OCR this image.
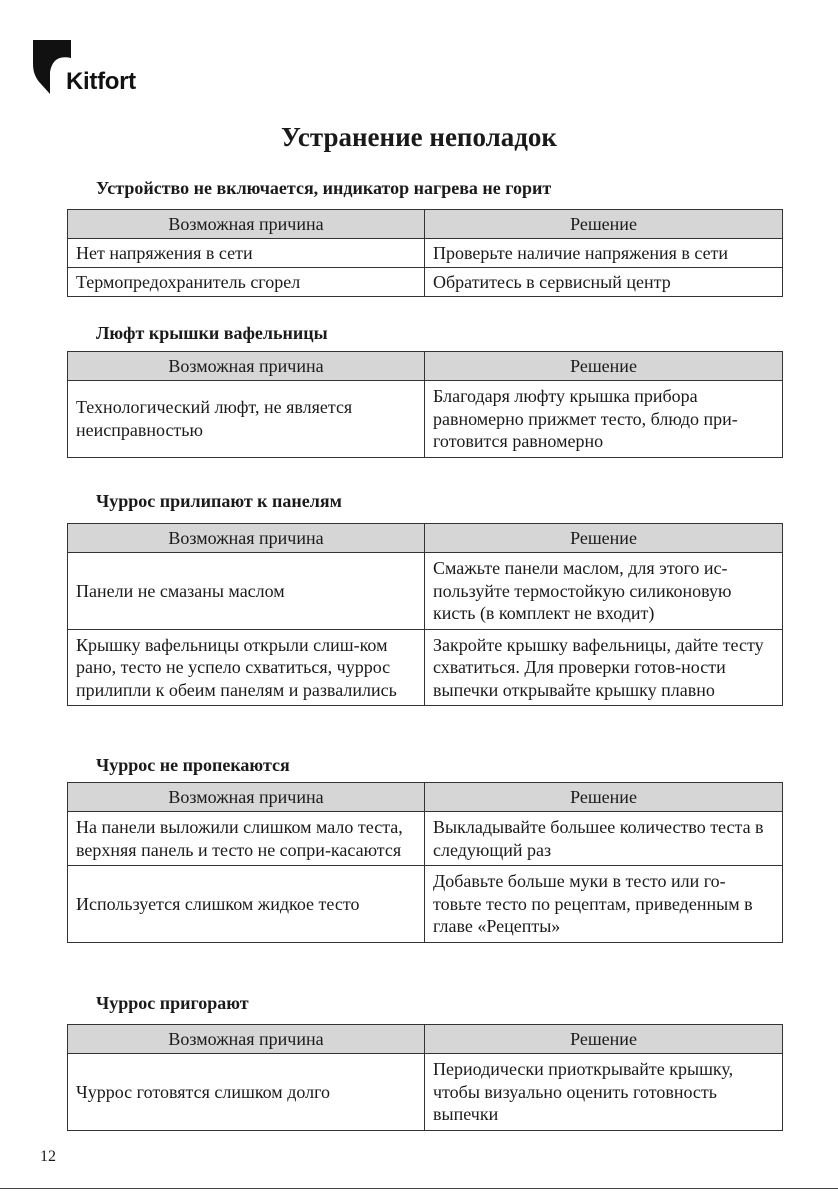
Kitfort
Устранение неполадок
Устройство не включается, индикатор нагрева не горит
Возможная причина	Решение
Нет напряжения в сети	Проверьте наличие напряжения в сети
Термопредохранитель сгорел	Обратитесь в сервисный центр
Люфт крышки вафельницы
Возможная причина	Решение
Технологический люфт, не является неисправностью	Благодаря люфту крышка прибора равномерно прижмет тесто, блюдо при-готовится равномерно
Чуррос прилипают к панелям
Возможная причина	Решение
Панели не смазаны маслом	Смажьте панели маслом, для этого ис-пользуйте термостойкую силиконовую кисть (в комплект не входит)
Крышку вафельницы открыли слиш-ком рано, тесто не успело схватиться, чуррос прилипли к обеим панелям и развалились	Закройте крышку вафельницы, дайте тесту схватиться. Для проверки готов-ности выпечки открывайте крышку плавно
Чуррос не пропекаются
Возможная причина	Решение
На панели выложили слишком мало теста, верхняя панель и тесто не сопри-касаются	Выкладывайте большее количество теста в следующий раз
Используется слишком жидкое тесто	Добавьте больше муки в тесто или го-товьте тесто по рецептам, приведенным в главе «Рецепты»
Чуррос пригорают
Возможная причина	Решение
Чуррос готовятся слишком долго	Периодически приоткрывайте крышку, чтобы визуально оценить готовность выпечки
12
